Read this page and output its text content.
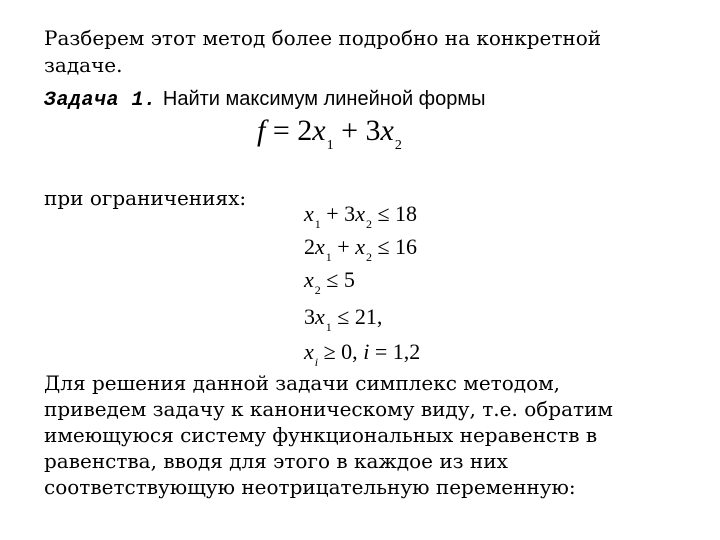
Разберем этот метод более подробно на конкретной
задаче.
Задача 1. Найти максимум линейной формы
$f = 2x_1 + 3x_2$
при ограничениях:
$x_1 + 3x_2 \le 18$
$2x_1 + x_2 \le 16$
$x_2 \le 5$
$3x_1 \le 21$,
$x_i \ge 0$, i = 1,2
Для решения данной задачи симплекс методом,
приведем задачу к каноническому виду, т.е. обратим
имеющуюся систему функциональных неравенств в
равенства, вводя для этого в каждое из них
соответствующую неотрицательную переменную:
